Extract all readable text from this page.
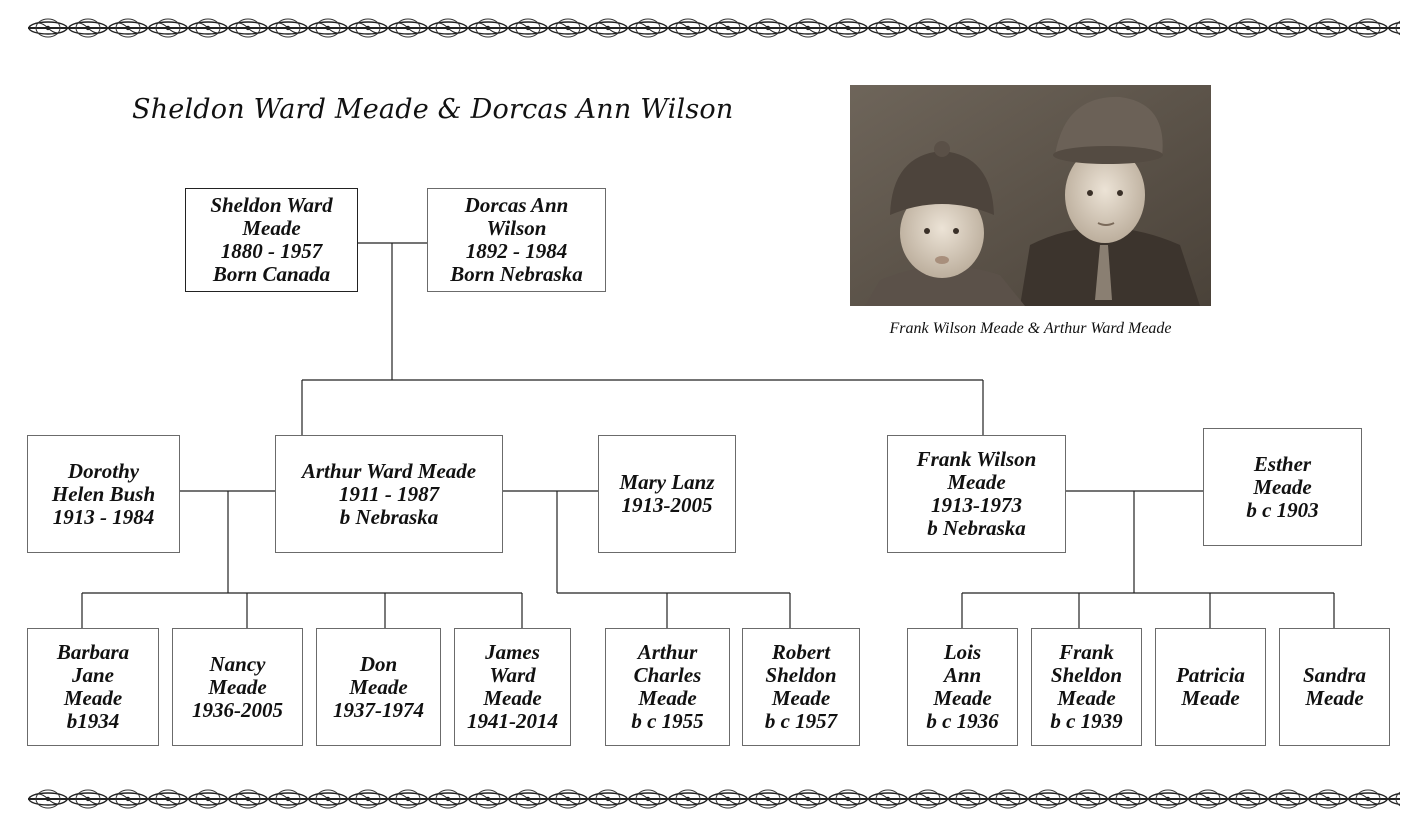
Sheldon Ward Meade & Dorcas Ann Wilson
Sheldon Ward
Meade
1880 - 1957
Born Canada
Dorcas Ann
Wilson
1892 - 1984
Born Nebraska
Frank Wilson Meade & Arthur Ward Meade
Dorothy
Helen Bush
1913 - 1984
Arthur Ward Meade
1911 - 1987
b Nebraska
Mary Lanz
1913-2005
Frank Wilson
Meade
1913-1973
b Nebraska
Esther
Meade
b c 1903
Barbara
Jane
Meade
b1934
Nancy
Meade
1936-2005
Don
Meade
1937-1974
James
Ward
Meade
1941-2014
Arthur
Charles
Meade
b c 1955
Robert
Sheldon
Meade
b c 1957
Lois
Ann
Meade
b c 1936
Frank
Sheldon
Meade
b c 1939
Patricia
Meade
Sandra
Meade
